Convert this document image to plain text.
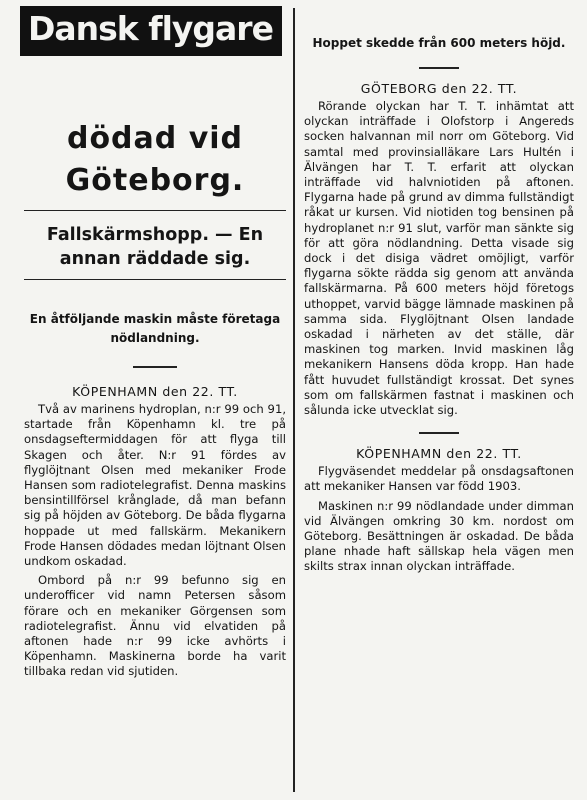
Dansk flygare
dödad vid Göteborg.
Fallskärmshopp. — En annan räddade sig.
En åtföljande maskin måste företaga nödlandning.
KÖPENHAMN den 22. TT.

Två av marinens hydroplan, n:r 99 och 91, startade från Köpenhamn kl. tre på onsdagseftermiddagen för att flyga till Skagen och åter. N:r 91 fördes av flyglöjtnant Olsen med mekaniker Frode Hansen som radiotelegrafist. Denna maskins bensintillförsel krånglade, då man befann sig på höjden av Göteborg. De båda flygarna hoppade ut med fallskärm. Mekanikern Frode Hansen dödades medan löjtnant Olsen undkom oskadad.

Ombord på n:r 99 befunno sig en underofficer vid namn Petersen såsom förare och en mekaniker Görgensen som radiotelegrafist. Ännu vid elvatiden på aftonen hade n:r 99 icke avhörts i Köpenhamn. Maskinerna borde ha varit tillbaka redan vid sjutiden.

Hoppet skedde från 600 meters höjd.
GÖTEBORG den 22. TT.

Rörande olyckan har T. T. inhämtat att olyckan inträffade i Olofstorp i Angereds socken halvannan mil norr om Göteborg. Vid samtal med provinsialläkare Lars Hultén i Älvängen har T. T. erfarit att olyckan inträffade vid halvniotiden på aftonen. Flygarna hade på grund av dimma fullständigt råkat ur kursen. Vid niotiden tog bensinen på hydroplanet n:r 91 slut, varför man sänkte sig för att göra nödlandning. Detta visade sig dock i det disiga vädret omöjligt, varför flygarna sökte rädda sig genom att använda fallskärmarna. På 600 meters höjd företogs uthoppet, varvid bägge lämnade maskinen på samma sida. Flyglöjtnant Olsen landade oskadad i närheten av det ställe, där maskinen tog marken. Invid maskinen låg mekanikern Hansens döda kropp. Han hade fått huvudet fullständigt krossat. Det synes som om fallskärmen fastnat i maskinen och sålunda icke utvecklat sig.

KÖPENHAMN den 22. TT.

Flygväsendet meddelar på onsdagsaftonen att mekaniker Hansen var född 1903.

Maskinen n:r 99 nödlandade under dimman vid Älvängen omkring 30 km. nordost om Göteborg. Besättningen är oskadad. De båda plane nhade haft sällskap hela vägen men skilts strax innan olyckan inträffade.
